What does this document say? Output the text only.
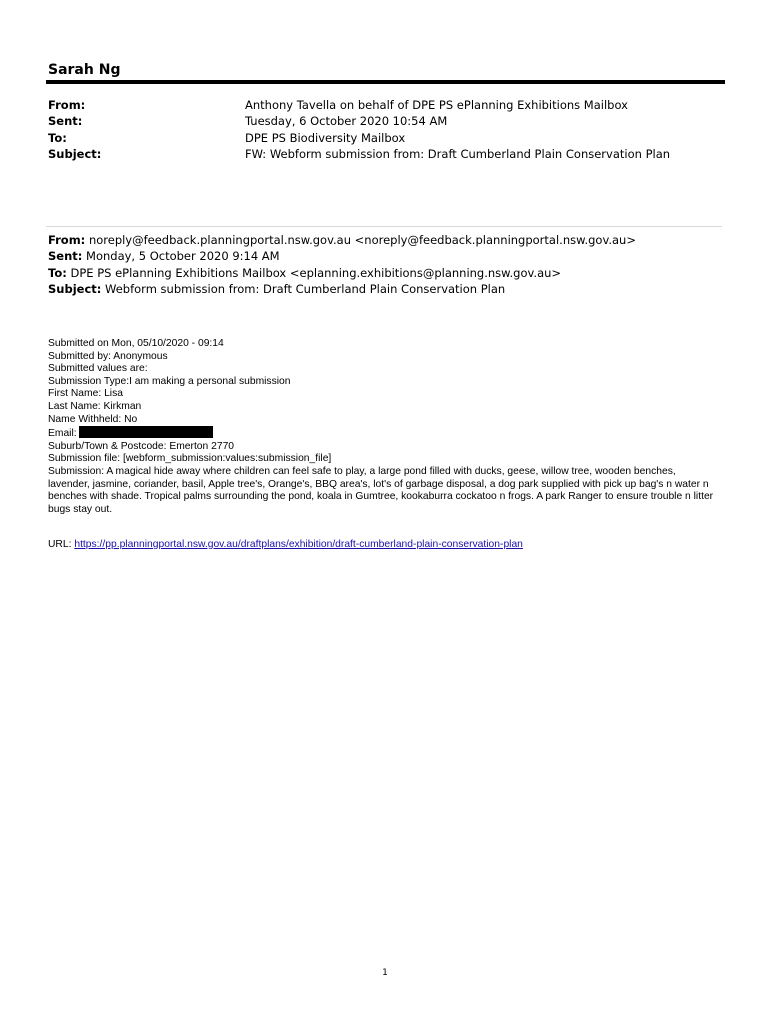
Sarah Ng
From:	Anthony Tavella on behalf of DPE PS ePlanning Exhibitions Mailbox
Sent:	Tuesday, 6 October 2020 10:54 AM
To:	DPE PS Biodiversity Mailbox
Subject:	FW: Webform submission from: Draft Cumberland Plain Conservation Plan
From: noreply@feedback.planningportal.nsw.gov.au <noreply@feedback.planningportal.nsw.gov.au>
Sent: Monday, 5 October 2020 9:14 AM
To: DPE PS ePlanning Exhibitions Mailbox <eplanning.exhibitions@planning.nsw.gov.au>
Subject: Webform submission from: Draft Cumberland Plain Conservation Plan
Submitted on Mon, 05/10/2020 - 09:14
Submitted by: Anonymous
Submitted values are:
Submission Type:I am making a personal submission
First Name: Lisa
Last Name: Kirkman
Name Withheld: No
Email:
Suburb/Town & Postcode: Emerton 2770
Submission file: [webform_submission:values:submission_file]
Submission: A magical hide away where children can feel safe to play, a large pond filled with ducks, geese, willow tree, wooden benches, lavender, jasmine, coriander, basil, Apple tree's, Orange's, BBQ area's, lot's of garbage disposal, a dog park supplied with pick up bag's n water n benches with shade. Tropical palms surrounding the pond, koala in Gumtree, kookaburra cockatoo n frogs. A park Ranger to ensure trouble n litter bugs stay out.
URL: https://pp.planningportal.nsw.gov.au/draftplans/exhibition/draft-cumberland-plain-conservation-plan
1
